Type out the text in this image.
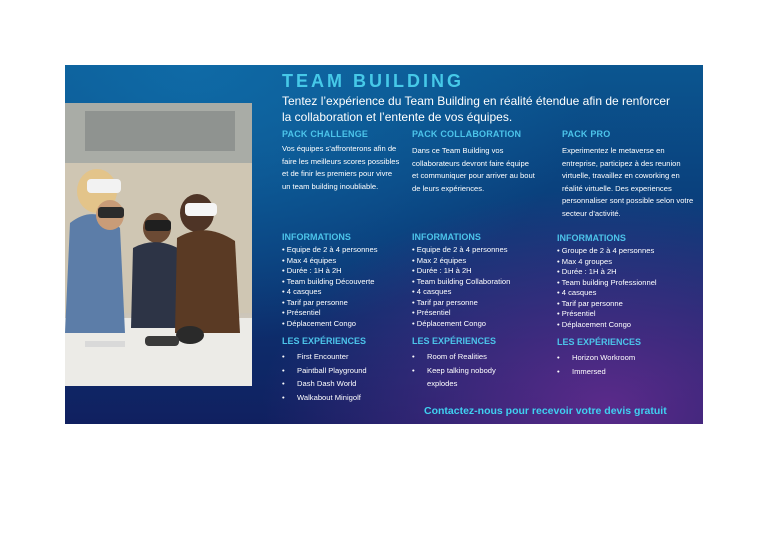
TEAM BUILDING

Tentez l’expérience du Team Building en réalité étendue afin de renforcer la collaboration et l’entente de vos équipes.

PACK CHALLENGE

Vos équipes s’affronterons afin de faire les meilleurs scores possibles et de finir les premiers pour vivre un team building inoubliable.

INFORMATIONS
• Equipe de 2 à 4 personnes
• Max 4 équipes
• Durée : 1H à 2H
• Team building Découverte
• 4 casques
• Tarif par personne
• Présentiel
• Déplacement Congo
LES EXPÉRIENCES
• First Encounter
• Paintball Playground
• Dash Dash World
• Walkabout Minigolf
PACK COLLABORATION

Dans ce Team Building vos collaborateurs devront faire équipe et communiquer pour arriver au bout de leurs expériences.

INFORMATIONS
• Equipe de 2 à 4 personnes
• Max 2 équipes
• Durée : 1H à 2H
• Team building Collaboration
• 4 casques
• Tarif par personne
• Présentiel
• Déplacement Congo
LES EXPÉRIENCES
• Room of Realities
• Keep talking nobody explodes
PACK PRO

Experimentez le metaverse en entreprise, participez à des reunion virtuelle, travaillez en coworking en réalité virtuelle. Des experiences personnaliser sont possible selon votre secteur d’activité.

INFORMATIONS
• Groupe de 2 à 4 personnes
• Max 4 groupes
• Durée : 1H à 2H
• Team building Professionnel
• 4 casques
• Tarif par personne
• Présentiel
• Déplacement Congo
LES EXPÉRIENCES
• Horizon Workroom
• Immersed

Contactez-nous pour recevoir votre devis gratuit
